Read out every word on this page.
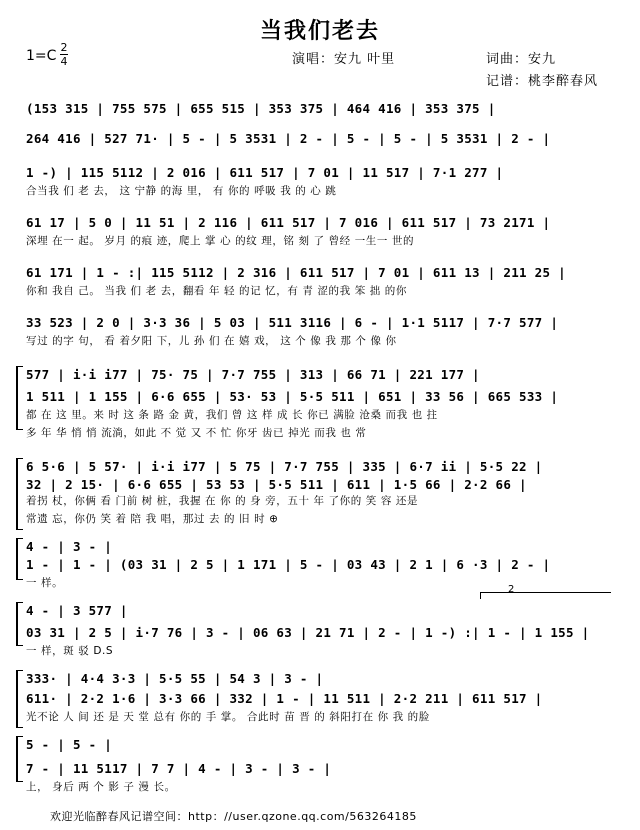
当我们老去
1=C
2
4	演唱：安九 叶里	词曲：安九
记谱：桃李醉春风
(153 315 | 755 575 | 655 515 | 353 375 | 464 416 | 353 375 |
264 416 | 527 71· | 5 - | 5 3531 | 2 - | 5 - | 5 - | 5 3531 | 2 - |
1 -) | 115 5112 | 2 016 | 611 517 | 7 01 | 11 517 | 7·1 277 |
合当我 们 老 去， 这 宁静 的海 里， 有 你的 呼吸 我 的 心 跳
61 17 | 5 0 | 11 51 | 2 116 | 611 517 | 7 016 | 611 517 | 73 2171 |
深埋 在一 起。 岁月 的痕 迹，爬上 掌 心 的纹 理，铭 刻 了 曾经 一生一 世的
61 171 | 1 - :| 115 5112 | 2 316 | 611 517 | 7 01 | 611 13 | 211 25 |
你和 我自 己。 当我 们 老 去，翻看 年 轻 的记 忆，有 青 涩的我 笨 拙 的你
33 523 | 2 0 | 3·3 36 | 5 03 | 511 3116 | 6 - | 1·1 5117 | 7·7 577 |
写过 的字 句， 看 着夕阳 下，儿 孙 们 在 嬉 戏， 这 个 像 我 那 个 像 你
577 | i·i i77 | 75· 75 | 7·7 755 | 313 | 66 71 | 221 177 |
1 511 | 1 155 | 6·6 655 | 53· 53 | 5·5 511 | 651 | 33 56 | 665 533 |
都 在 这 里。来 时 这 条 路 金 黄，我们 曾 这 样 成 长 你已 满脸 沧桑 而我 也 拄
多 年 华 悄 悄 流淌，如此 不 觉 又 不 忙 你牙 齿已 掉光 而我 也 常
6 5·6 | 5 57· | i·i i77 | 5 75 | 7·7 755 | 335 | 6·7 ii | 5·5 22 |
32 | 2 15· | 6·6 655 | 53 53 | 5·5 511 | 611 | 1·5 66 | 2·2 66 |
着拐 杖，你俩 看 门前 树 桩，我握 在 你 的 身 旁，五十 年 了你的 笑 容 还是
常遗 忘，你仍 笑 着 陪 我 唱，那过 去 的 旧 时 ⊕
4 - | 3 - |
1 - | 1 - | (03 31 | 2 5 | 1 171 | 5 - | 03 43 | 2 1 | 6 ·3 | 2 - |
一 样。
4 - | 3 577 |
03 31 | 2 5 | i·7 76 | 3 - | 06 63 | 21 71 | 2 - | 1 -) :| 1 - | 1 155 |
一 样，斑 驳 D.S
333· | 4·4 3·3 | 5·5 55 | 54 3 | 3 - |
611· | 2·2 1·6 | 3·3 66 | 332 | 1 - | 11 511 | 2·2 211 | 611 517 |
光不论 人 间 还 是 天 堂 总有 你的 手 掌。 合此时 苗 晋 的 斜阳打在 你 我 的脸
5 - | 5 - |
7 - | 11 5117 | 7 7 | 4 - | 3 - | 3 - |
上， 身后 两 个 影 子 漫 长。
2
欢迎光临醉春风记谱空间：http：//user.qzone.qq.com/563264185
